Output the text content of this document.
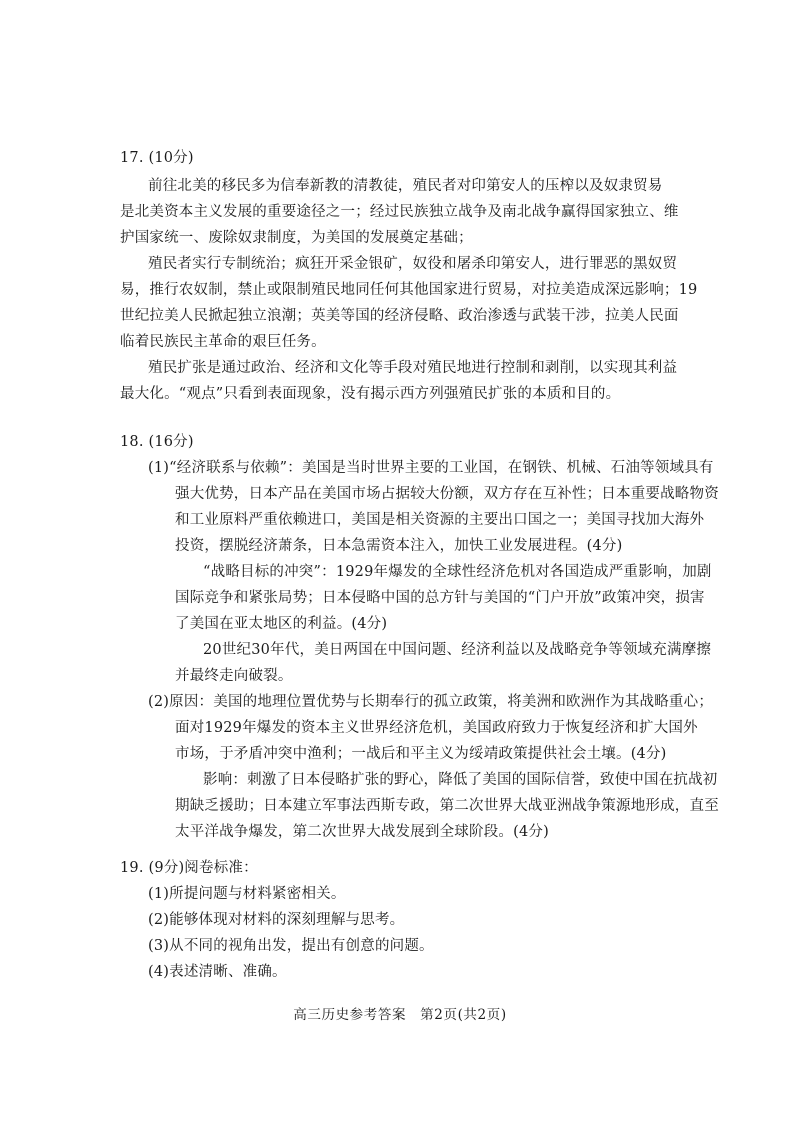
17. (10分)
前往北美的移民多为信奉新教的清教徒，殖民者对印第安人的压榨以及奴隶贸易
是北美资本主义发展的重要途径之一；经过民族独立战争及南北战争赢得国家独立、维
护国家统一、废除奴隶制度，为美国的发展奠定基础；
殖民者实行专制统治；疯狂开采金银矿，奴役和屠杀印第安人，进行罪恶的黑奴贸
易，推行农奴制，禁止或限制殖民地同任何其他国家进行贸易，对拉美造成深远影响；19
世纪拉美人民掀起独立浪潮；英美等国的经济侵略、政治渗透与武装干涉，拉美人民面
临着民族民主革命的艰巨任务。
殖民扩张是通过政治、经济和文化等手段对殖民地进行控制和剥削，以实现其利益
最大化。“观点”只看到表面现象，没有揭示西方列强殖民扩张的本质和目的。
18. (16分)
(1)“经济联系与依赖”：美国是当时世界主要的工业国，在钢铁、机械、石油等领域具有
强大优势，日本产品在美国市场占据较大份额，双方存在互补性；日本重要战略物资
和工业原料严重依赖进口，美国是相关资源的主要出口国之一；美国寻找加大海外
投资，摆脱经济萧条，日本急需资本注入，加快工业发展进程。(4分)
“战略目标的冲突”：1929年爆发的全球性经济危机对各国造成严重影响，加剧
国际竞争和紧张局势；日本侵略中国的总方针与美国的“门户开放”政策冲突，损害
了美国在亚太地区的利益。(4分)
20世纪30年代，美日两国在中国问题、经济利益以及战略竞争等领域充满摩擦
并最终走向破裂。
(2)原因：美国的地理位置优势与长期奉行的孤立政策，将美洲和欧洲作为其战略重心；
面对1929年爆发的资本主义世界经济危机，美国政府致力于恢复经济和扩大国外
市场，于矛盾冲突中渔利；一战后和平主义为绥靖政策提供社会土壤。(4分)
影响：刺激了日本侵略扩张的野心，降低了美国的国际信誉，致使中国在抗战初
期缺乏援助；日本建立军事法西斯专政，第二次世界大战亚洲战争策源地形成，直至
太平洋战争爆发，第二次世界大战发展到全球阶段。(4分)
19. (9分)阅卷标准：
(1)所提问题与材料紧密相关。
(2)能够体现对材料的深刻理解与思考。
(3)从不同的视角出发，提出有创意的问题。
(4)表述清晰、准确。
高三历史参考答案　第2页(共2页)
